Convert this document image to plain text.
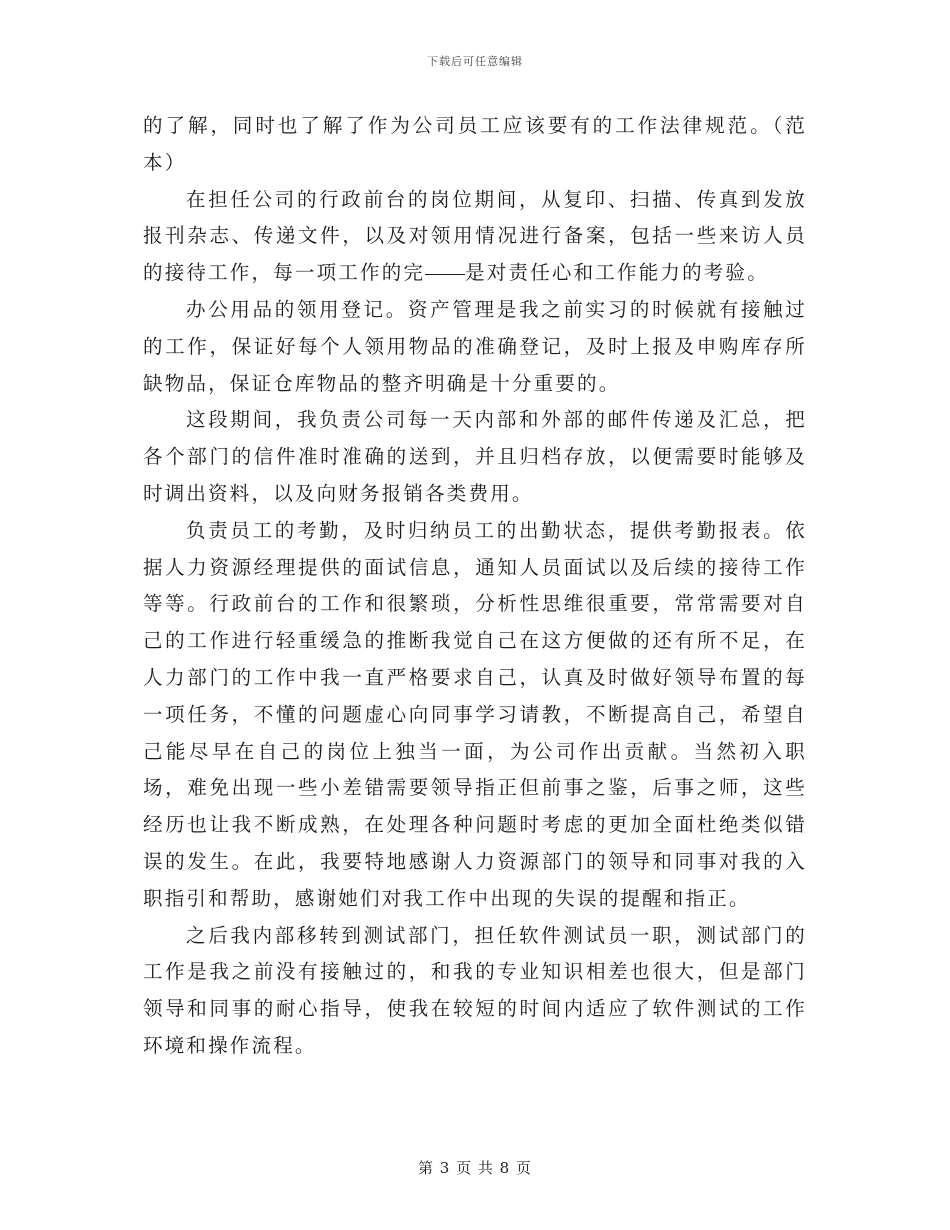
下载后可任意编辑

的了解，同时也了解了作为公司员工应该要有的工作法律规范。（范本）

在担任公司的行政前台的岗位期间，从复印、扫描、传真到发放报刊杂志、传递文件，以及对领用情况进行备案，包括一些来访人员的接待工作，每一项工作的完 是对责任心和工作能力的考验。

办公用品的领用登记。资产管理是我之前实习的时候就有接触过的工作，保证好每个人领用物品的准确登记，及时上报及申购库存所缺物品，保证仓库物品的整齐明确是十分重要的。

这段期间，我负责公司每一天内部和外部的邮件传递及汇总，把各个部门的信件准时准确的送到，并且归档存放，以便需要时能够及时调出资料，以及向财务报销各类费用。

负责员工的考勤，及时归纳员工的出勤状态，提供考勤报表。依据人力资源经理提供的面试信息，通知人员面试以及后续的接待工作等等。行政前台的工作和很繁琐，分析性思维很重要，常常需要对自己的工作进行轻重缓急的推断我觉自己在这方便做的还有所不足，在人力部门的工作中我一直严格要求自己，认真及时做好领导布置的每一项任务，不懂的问题虚心向同事学习请教，不断提高自己，希望自己能尽早在自己的岗位上独当一面，为公司作出贡献。当然初入职场，难免出现一些小差错需要领导指正但前事之鉴，后事之师，这些经历也让我不断成熟，在处理各种问题时考虑的更加全面杜绝类似错误的发生。在此，我要特地感谢人力资源部门的领导和同事对我的入职指引和帮助，感谢她们对我工作中出现的失误的提醒和指正。

之后我内部移转到测试部门，担任软件测试员一职，测试部门的工作是我之前没有接触过的，和我的专业知识相差也很大，但是部门领导和同事的耐心指导，使我在较短的时间内适应了软件测试的工作环境和操作流程。

第 3 页 共 8 页
